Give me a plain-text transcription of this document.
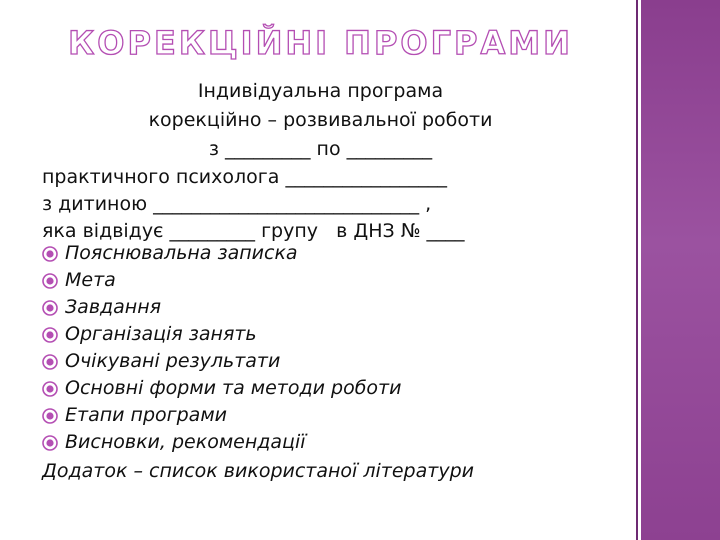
КОРЕКЦІЙНІ ПРОГРАМИ
Індивідуальна програма
корекційно – розвивальної роботи
з _________ по _________
практичного психолога _________________
з дитиною ____________________________ ,
яка відвідує _________ групу   в ДНЗ № ____
Пояснювальна записка
Мета
Завдання
Організація занять
Очікувані результати
Основні форми та методи роботи
Етапи програми
Висновки, рекомендації
Додаток – список використаної літератури
